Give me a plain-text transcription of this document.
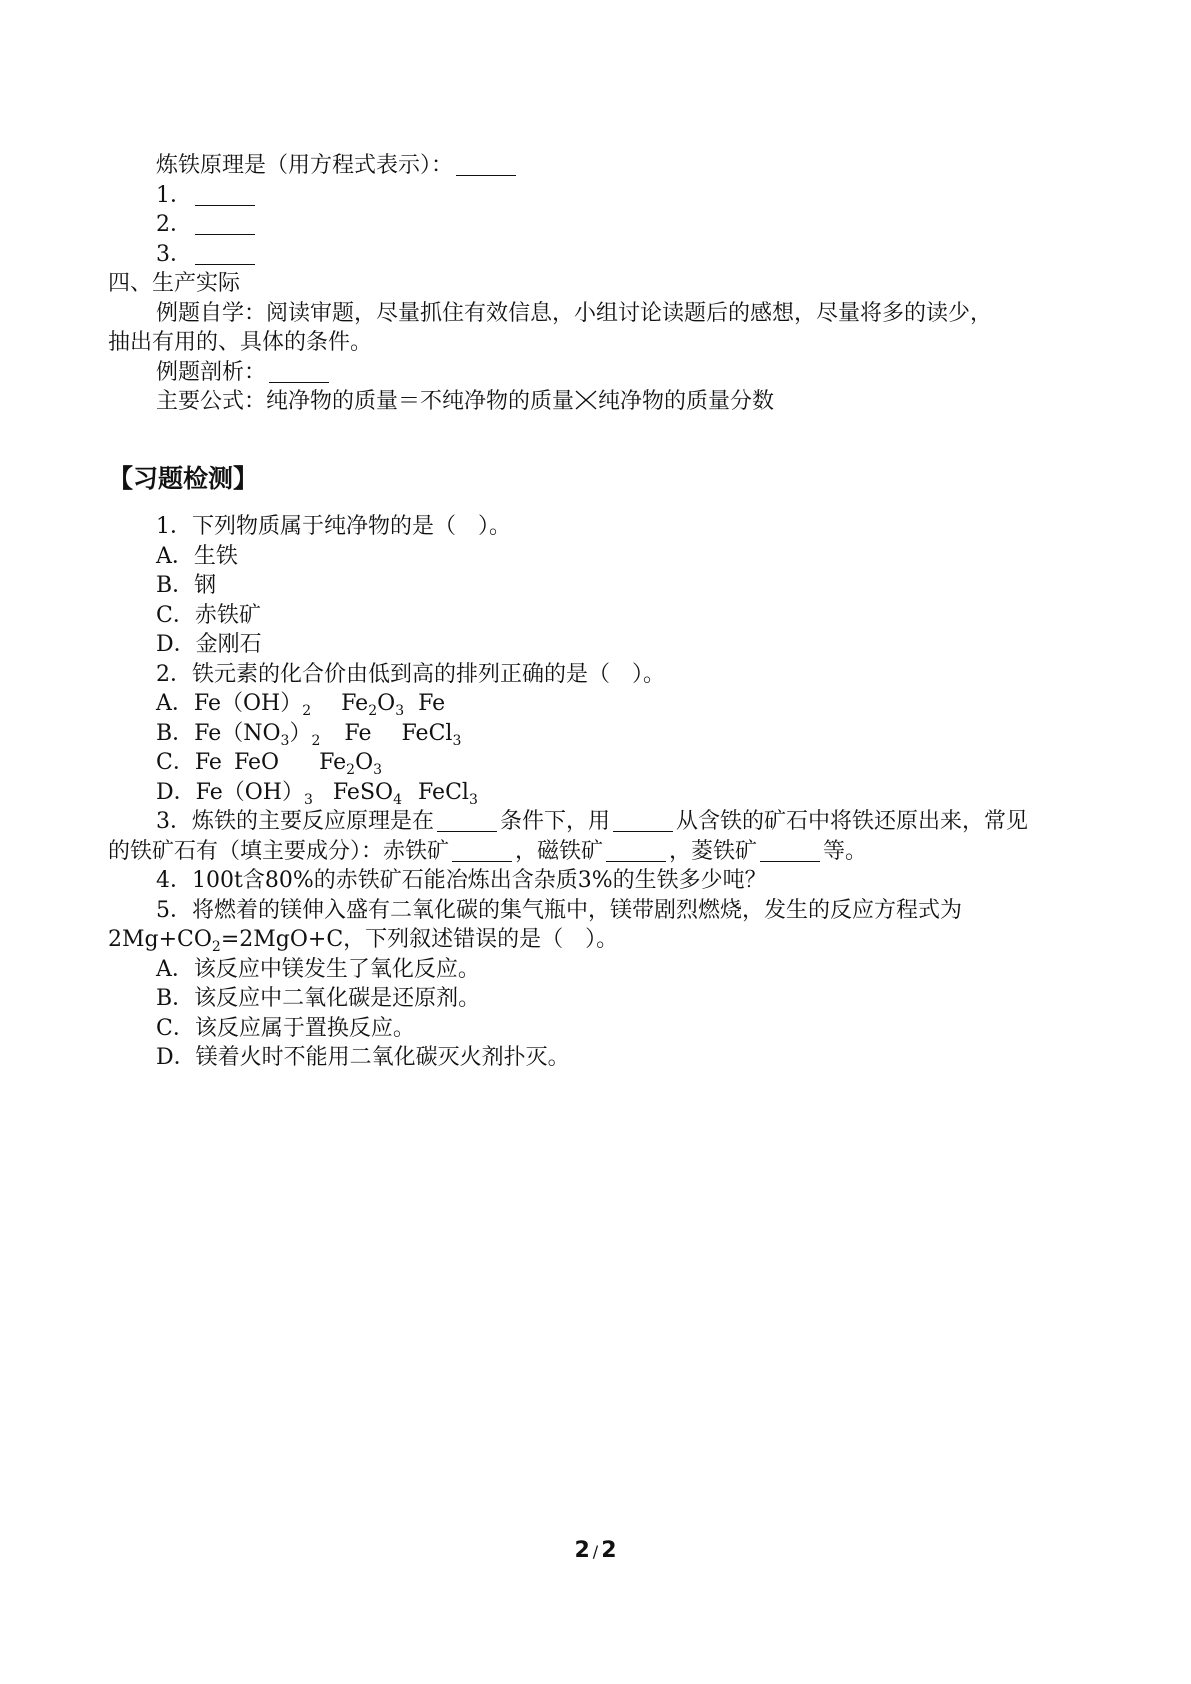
炼铁原理是（用方程式表示）：
1．
2．
3．
四、生产实际
例题自学：阅读审题，尽量抓住有效信息，小组讨论读题后的感想，尽量将多的读少，
抽出有用的、具体的条件。
例题剖析：
主要公式：纯净物的质量＝不纯净物的质量 纯净物的质量分数
【习题检测】
1．下列物质属于纯净物的是（　）。
A．生铁
B．钢
C．赤铁矿
D．金刚石
2．铁元素的化合价由低到高的排列正确的是（　）。
A．$Fe(OH)_2$ $Fe_2O_3$ Fe
B．$Fe(NO_3)_2$ Fe FeCl$_3$
C．Fe FeO $Fe_2O_3$
D．$Fe(OH)_3$ FeSO$_4$ FeCl$_3$
3．炼铁的主要反应原理是在	条件下，用	从含铁的矿石中将铁还原出来，常见
的铁矿石有（填主要成分）：赤铁矿	，磁铁矿	，菱铁矿	等。
4．100t含80%的赤铁矿石能冶炼出含杂质3%的生铁多少吨？
5．将燃着的镁伸入盛有二氧化碳的集气瓶中，镁带剧烈燃烧，发生的反应方程式为
$2Mg+CO_2=2MgO+C$，下列叙述错误的是（　）。
A．该反应中镁发生了氧化反应。
B．该反应中二氧化碳是还原剂。
C．该反应属于置换反应。
D．镁着火时不能用二氧化碳灭火剂扑灭。
2 / 2
